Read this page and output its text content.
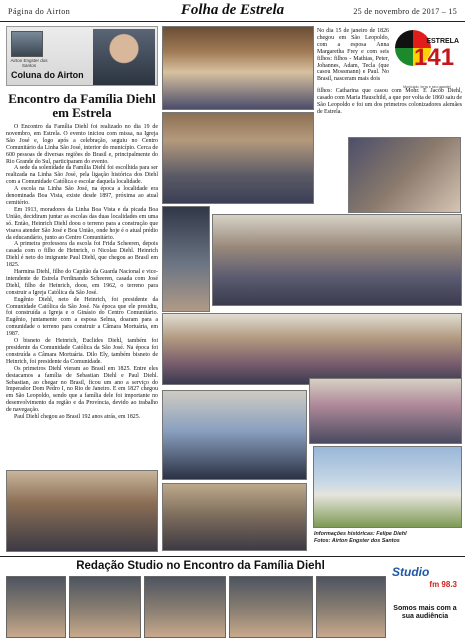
Página do Airton	Folha de Estrela	25 de novembro de 2017 – 15
Airton Engster dos Santos
Coluna do Airton
Encontro da Família Diehl em Estrela

O Encontro da Família Diehl foi realizado no dia 19 de novembro, em Estrela. O evento iniciou com missa, na Igreja São José e, logo após a celebração, seguiu no Centro Comunitário da Linha São José, interior do município. Cerca de 600 pessoas de diversas regiões do Brasil e, principalmente do Rio Grande do Sul, participaram do evento.

A sede da solenidade da Família Diehl foi escolhida para ser realizada na Linha São José, pela ligação histórica dos Diehl com a Comunidade Católica e escolar daquela localidade.

A escola na Linha São José, na época a localidade era denominada Boa Vista, existe desde 1897, próxima ao atual cemitério.

Em 1913, moradores da Linha Boa Vista e da picada Boa União, decidiram juntar as escolas das duas localidades em uma só. Então, Heinrich Diehl doou o terreno para a construção que visava atender São José e Boa União, onde hoje é o atual prédio da educandário, junto ao Centro Comunitário.

A primeira professora da escola foi Frida Scheeren, depois casada com o filho de Heinrich, o Nicolau Diehl. Heinrich Diehl é neto do imigrante Paul Diehl, que chegou ao Brasil em 1825.

Harmina Diehl, filho do Capitão da Guarda Nacional e vice-intendente de Estrela Ferdinando Scheeren, casada com José Diehl, filho de Heinrich, doou, em 1962, o terreno para construir a Igreja Católica da São José.

Eugênio Diehl, neto de Heinrich, foi presidente da Comunidade Católica da São José. Na época que ele presidiu, foi construída a Igreja e o Ginásio do Centro Comunitário. Eugênio, juntamente com a esposa Selma, doaram para a comunidade o terreno para construir a Câmara Mortuária, em 1987.

O bisneto de Heinrich, Euclides Diehl, também foi presidente da Comunidade Católica da São José. Na época foi construída a Câmara Mortuária. Dilo Ely, também bisneto de Heinrich, foi presidente da Comunidade.

Os primeiros Diehl vieram ao Brasil em 1825. Entre eles destacamos a família de Sebastian Diehl e Paul Diehl. Sebastian, ao chegar no Brasil, ficou um ano a serviço do Imperador Dom Pedro I, no Rio de Janeiro. E em 1827 chegou em São Leopoldo, sendo que a família dele foi importante no desenvolvimento da região e da Província, devido ao trabalho de navegação.

Paul Diehl chegou ao Brasil 192 anos atrás, em 1825.

No dia 15 de janeiro de 1826 chegou em São Leopoldo, com a esposa Anna Margaretha Frey e com seis filhos: filhos - Mathias, Peter, Johannes, Adam, Tecla (que casou Mossmann) e Paul. No Brasil, nasceram mais dois
ESTRELA
141
Município, terra e seu grande!
filhos: Catharina que casou com Mohr. E Jacob Diehl, casado com Maria Hauschild, a que por volta de 1860 saiu de São Leopoldo e foi um dos primeiros colonizadores alemães de Estrela.
Informações históricas: Felipe Diehl
Fotos: Airton Engster dos Santos
Redação Studio no Encontro da Família Diehl	Studio
fm 98.3
Somos mais com a sua audiência
